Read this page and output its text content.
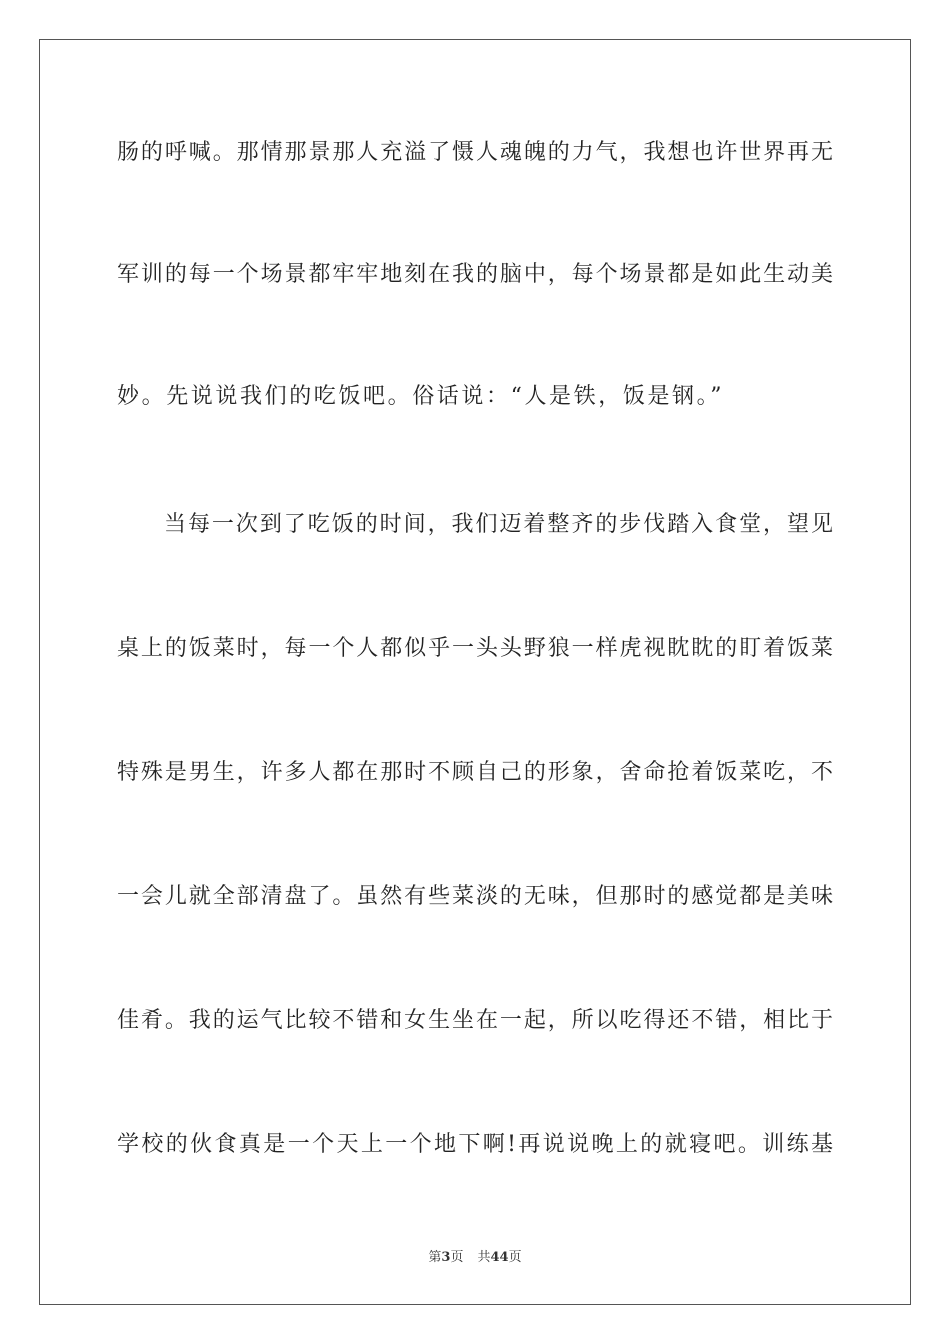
肠的呼喊。那情那景那人充溢了慑人魂魄的力气，我想也许世界再无
军训的每一个场景都牢牢地刻在我的脑中，每个场景都是如此生动美
妙。先说说我们的吃饭吧。俗话说：“人是铁，饭是钢。”
当每一次到了吃饭的时间，我们迈着整齐的步伐踏入食堂，望见
桌上的饭菜时，每一个人都似乎一头头野狼一样虎视眈眈的盯着饭菜
特殊是男生，许多人都在那时不顾自己的形象，舍命抢着饭菜吃，不
一会儿就全部清盘了。虽然有些菜淡的无味，但那时的感觉都是美味
佳肴。我的运气比较不错和女生坐在一起，所以吃得还不错，相比于
学校的伙食真是一个天上一个地下啊!再说说晚上的就寝吧。训练基
第3页 共44页
